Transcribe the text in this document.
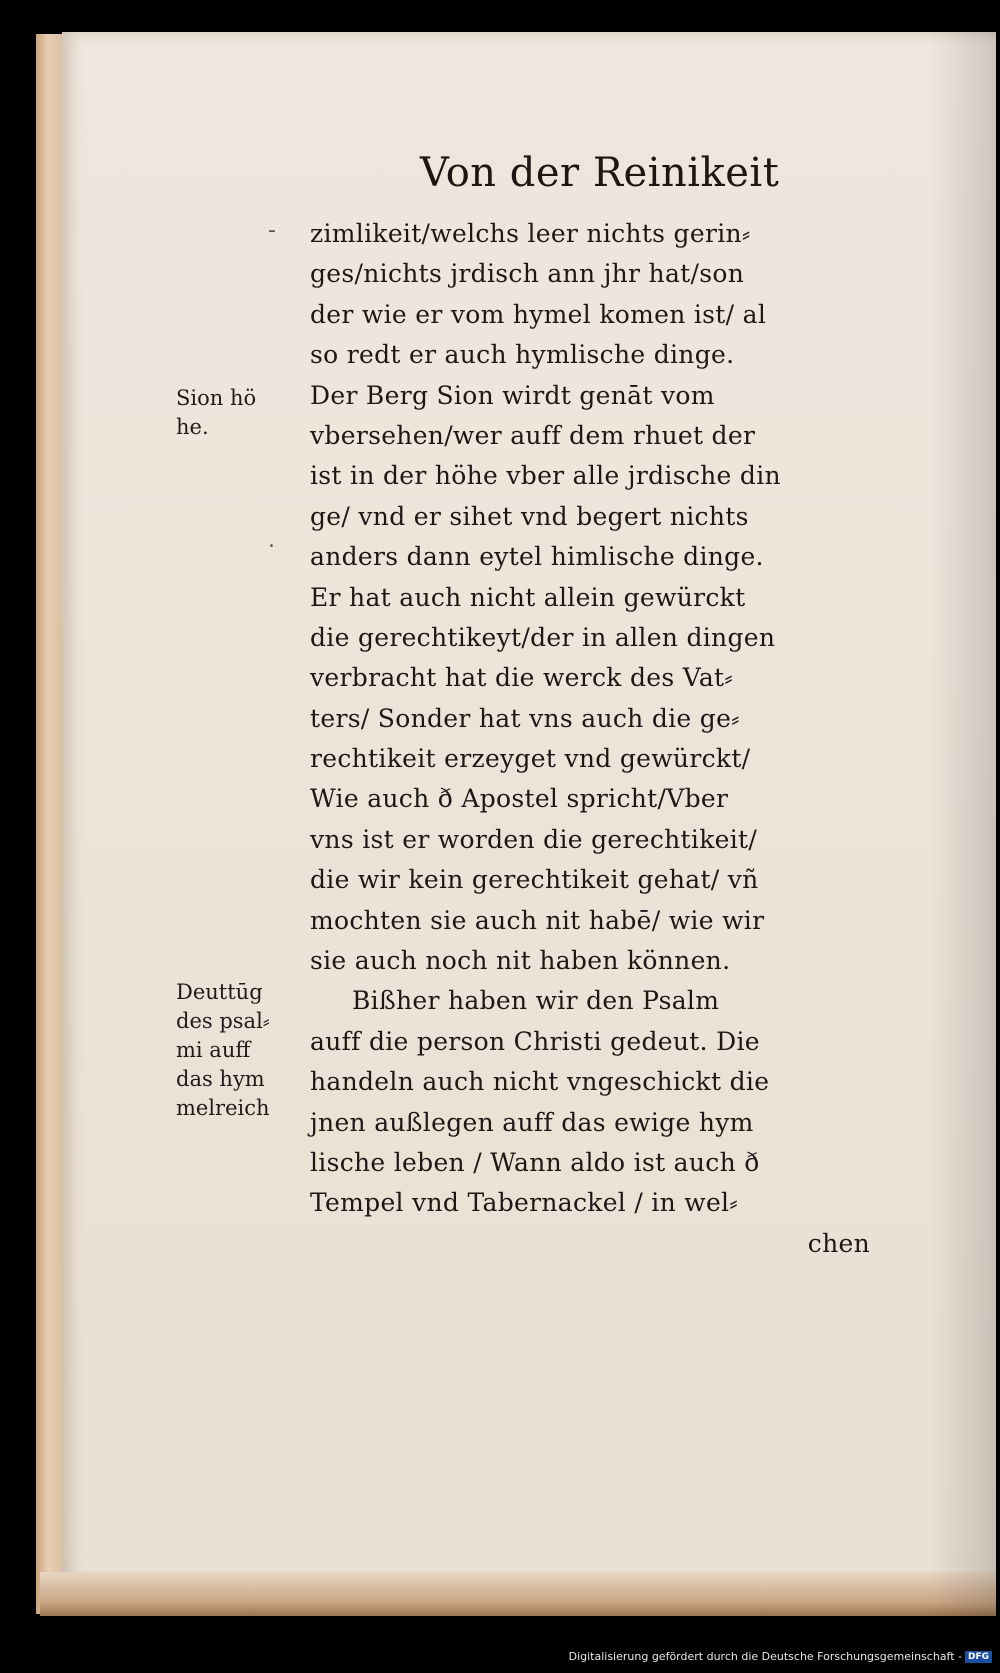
Von der Reinikeit
-
.
zimlikeit/welchs leer nichts gerin⸗
ges/nichts jrdisch ann jhr hat/son
der wie er vom hymel komen ist/ al
so redt er auch hymlische dinge.
Der Berg Sion wirdt genāt vom
vbersehen/wer auff dem rhuet der
ist in der höhe vber alle jrdische din
ge/ vnd er sihet vnd begert nichts
anders dann eytel himlische dinge.
Er hat auch nicht allein gewürckt
die gerechtikeyt/der in allen dingen
verbracht hat die werck des Vat⸗
ters/ Sonder hat vns auch die ge⸗
rechtikeit erzeyget vnd gewürckt/
Wie auch ð Apostel spricht/Vber
vns ist er worden die gerechtikeit/
die wir kein gerechtikeit gehat/ vñ
mochten sie auch nit habē/ wie wir
sie auch noch nit haben können.
Bißher haben wir den Psalm
auff die person Christi gedeut. Die
handeln auch nicht vngeschickt die
jnen außlegen auff das ewige hym
lische leben / Wann aldo ist auch ð
Tempel vnd Tabernackel / in wel⸗
chen
Sion hö
he.
Deuttūg
des psal⸗
mi auff
das hym
melreich
Digitalisierung gefördert durch die Deutsche Forschungsgemeinschaft - DFG
